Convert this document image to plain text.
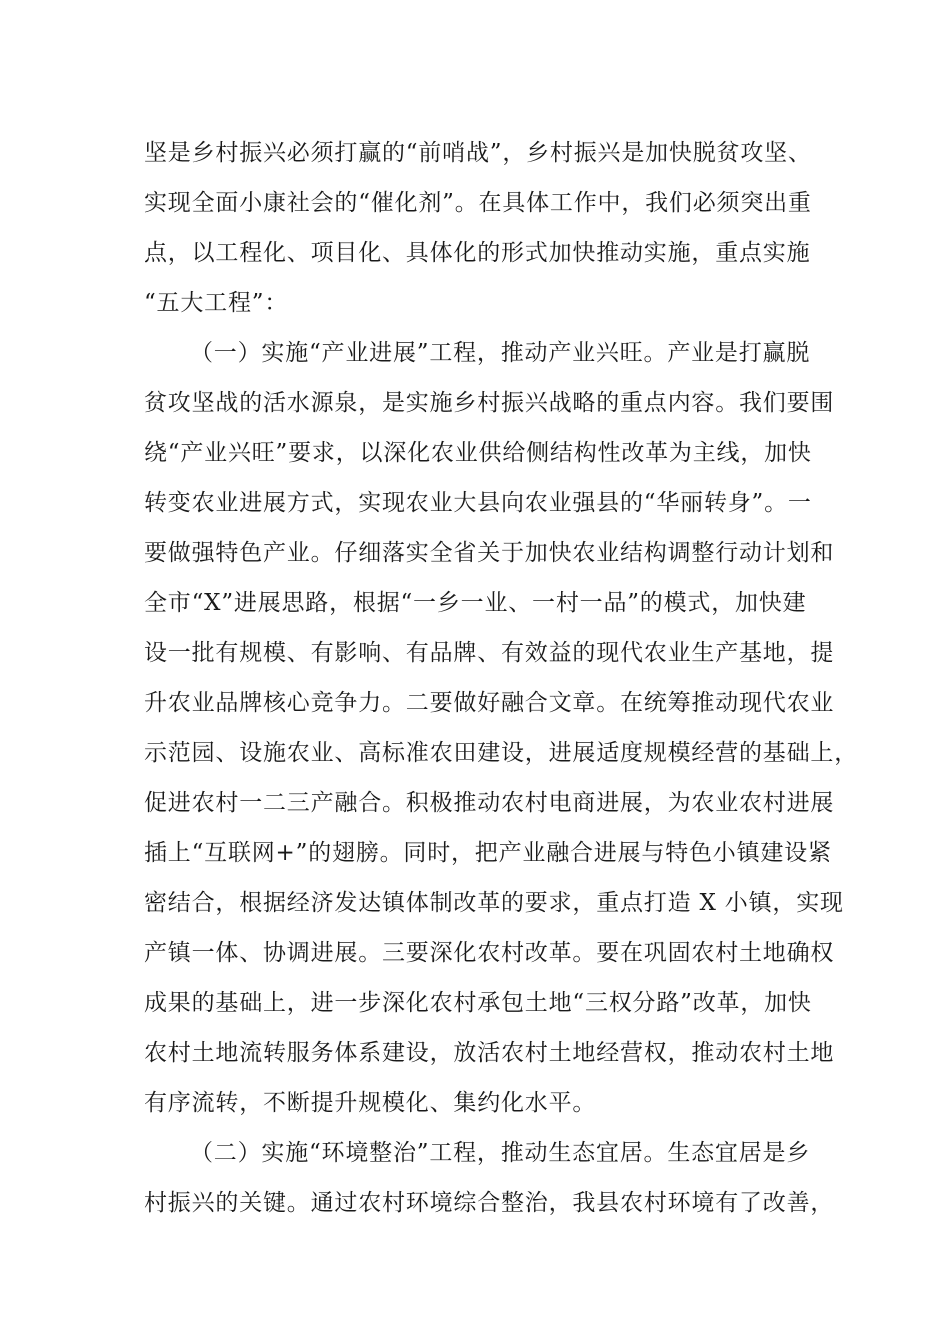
坚是乡村振兴必须打赢的“前哨战”，乡村振兴是加快脱贫攻坚、
实现全面小康社会的“催化剂”。在具体工作中，我们必须突出重
点，以工程化、项目化、具体化的形式加快推动实施，重点实施
“五大工程”：
（一）实施“产业进展”工程，推动产业兴旺。产业是打赢脱
贫攻坚战的活水源泉，是实施乡村振兴战略的重点内容。我们要围
绕“产业兴旺”要求，以深化农业供给侧结构性改革为主线，加快
转变农业进展方式，实现农业大县向农业强县的“华丽转身”。一
要做强特色产业。仔细落实全省关于加快农业结构调整行动计划和
全市“X”进展思路，根据“一乡一业、一村一品”的模式，加快建
设一批有规模、有影响、有品牌、有效益的现代农业生产基地，提
升农业品牌核心竞争力。二要做好融合文章。在统筹推动现代农业
示范园、设施农业、高标准农田建设，进展适度规模经营的基础上，
促进农村一二三产融合。积极推动农村电商进展，为农业农村进展
插上“互联网+”的翅膀。同时，把产业融合进展与特色小镇建设紧
密结合，根据经济发达镇体制改革的要求，重点打造 X 小镇，实现
产镇一体、协调进展。三要深化农村改革。要在巩固农村土地确权
成果的基础上，进一步深化农村承包土地“三权分路”改革，加快
农村土地流转服务体系建设，放活农村土地经营权，推动农村土地
有序流转，不断提升规模化、集约化水平。
（二）实施“环境整治”工程，推动生态宜居。生态宜居是乡
村振兴的关键。通过农村环境综合整治，我县农村环境有了改善，
